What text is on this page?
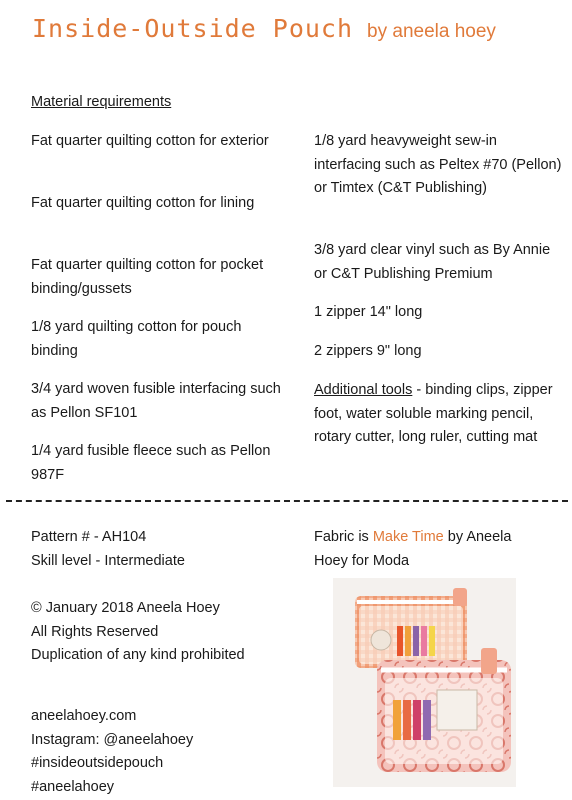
Inside-Outside Pouch by aneela hoey

Material requirements

Fat quarter quilting cotton for exterior

Fat quarter quilting cotton for lining

Fat quarter quilting cotton for pocket binding/gussets

1/8 yard quilting cotton for pouch binding

3/4 yard woven fusible interfacing such as Pellon SF101

1/4 yard fusible fleece such as Pellon 987F

1/8 yard heavyweight sew-in interfacing such as Peltex #70 (Pellon) or Timtex (C&T Publishing)

3/8 yard clear vinyl such as By Annie or C&T Publishing Premium

1 zipper 14" long

2 zippers 9" long

Additional tools - binding clips, zipper foot, water soluble marking pencil, rotary cutter, long ruler, cutting mat

Pattern # - AH104

Skill level - Intermediate

© January 2018 Aneela Hoey

All Rights Reserved

Duplication of any kind prohibited

aneelahoey.com

Instagram: @aneelahoey

#insideoutsidepouch

#aneelahoey

Fabric is Make Time by Aneela Hoey for Moda
